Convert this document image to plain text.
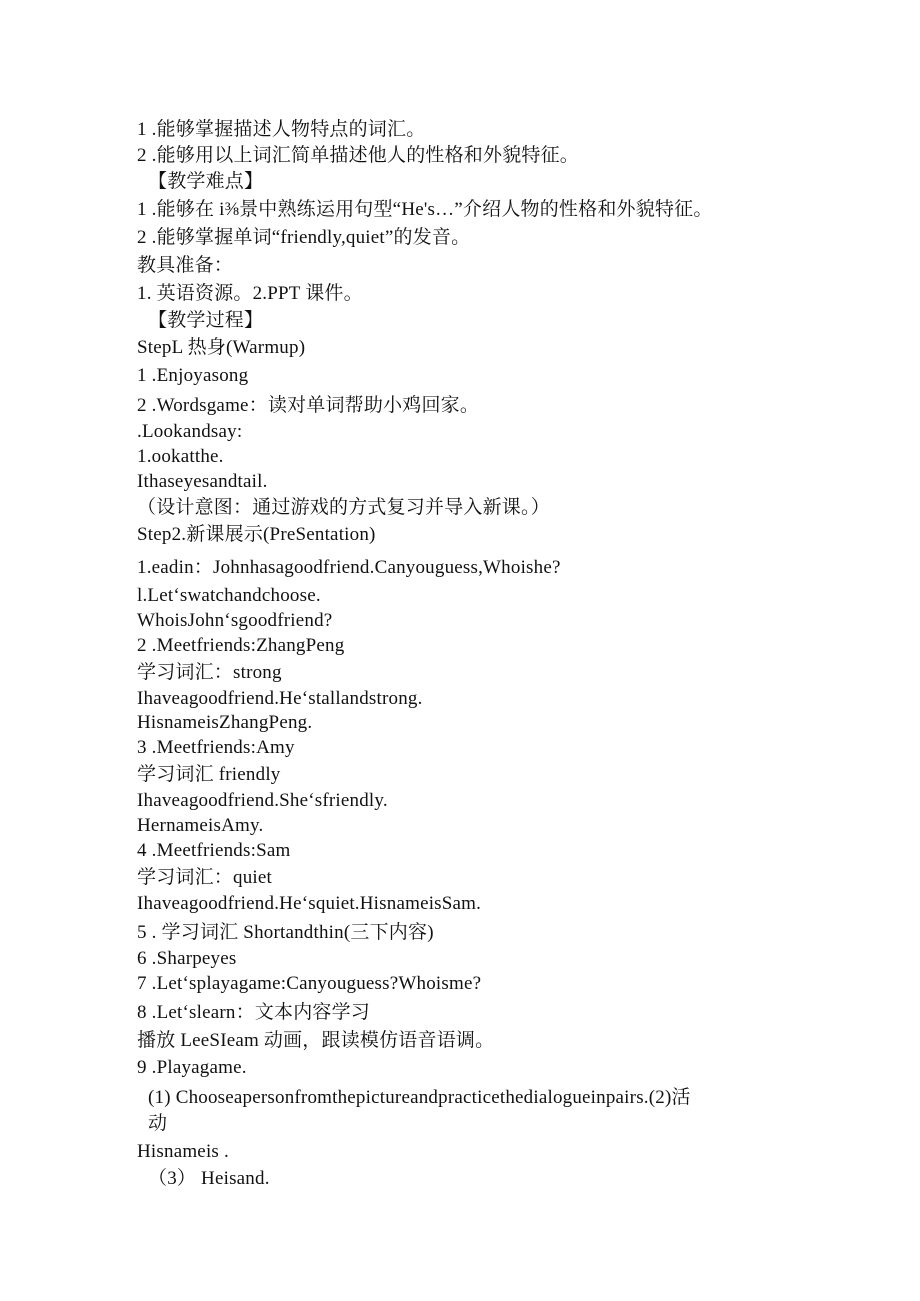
1 .能够掌握描述人物特点的词汇。
2 .能够用以上词汇简单描述他人的性格和外貌特征。
【教学难点】
1 .能够在 i⅜景中熟练运用句型“He's…”介绍人物的性格和外貌特征。
2 .能够掌握单词“friendly,quiet”的发音。
教具准备：
1. 英语资源。2.PPT 课件。
【教学过程】
StepL 热身(Warmup)
1 .Enjoyasong
2 .Wordsgame：读对单词帮助小鸡回家。
.Lookandsay:
1.ookatthe.
Ithaseyesandtail.
（设计意图：通过游戏的方式复习并导入新课。）
Step2.新课展示(PreSentation)
1.eadin：Johnhasagoodfriend.Canyouguess,Whoishe?
l.Let‘swatchandchoose.
WhoisJohn‘sgoodfriend?
2 .Meetfriends:ZhangPeng
学习词汇：strong
Ihaveagoodfriend.He‘stallandstrong.
HisnameisZhangPeng.
3 .Meetfriends:Amy
学习词汇 friendly
Ihaveagoodfriend.She‘sfriendly.
HernameisAmy.
4 .Meetfriends:Sam
学习词汇：quiet
Ihaveagoodfriend.He‘squiet.HisnameisSam.
5 . 学习词汇 Shortandthin(三下内容)
6 .Sharpeyes
7 .Let‘splayagame:Canyouguess?Whoisme?
8 .Let‘slearn：文本内容学习
播放 LeeSIeam 动画，跟读模仿语音语调。
9 .Playagame.
(1) Chooseapersonfromthepictureandpracticethedialogueinpairs.(2)活
动
Hisnameis .
（3） Heisand.
